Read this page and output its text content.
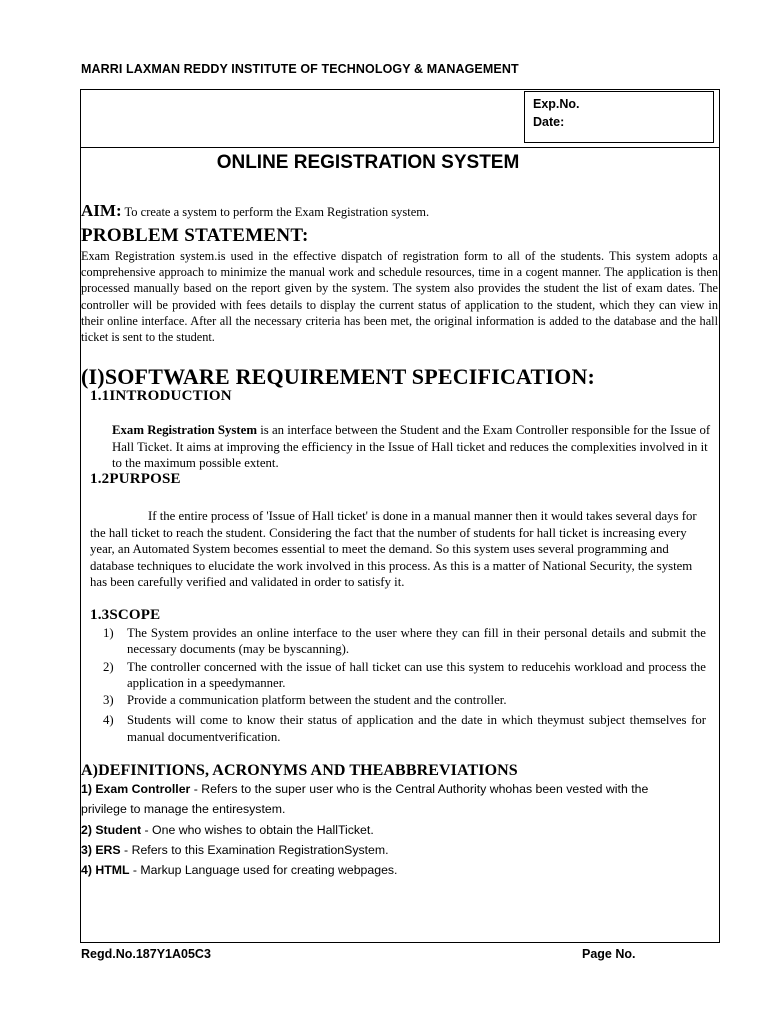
MARRI LAXMAN REDDY INSTITUTE OF TECHNOLOGY & MANAGEMENT
Exp.No.
Date:
ONLINE REGISTRATION SYSTEM
AIM: To create a system to perform the Exam Registration system.
PROBLEM STATEMENT:
Exam Registration system.is used in the effective dispatch of registration form to all of the students. This system adopts a comprehensive approach to minimize the manual work and schedule resources, time in a cogent manner. The application is then processed manually based on the report given by the system. The system also provides the student the list of exam dates. The controller will be provided with fees details to display the current status of application to the student, which they can view in their online interface. After all the necessary criteria has been met, the original information is added to the database and the hall ticket is sent to the student.
(I)SOFTWARE REQUIREMENT SPECIFICATION:
1.1INTRODUCTION
Exam Registration System is an interface between the Student and the Exam Controller responsible for the Issue of Hall Ticket. It aims at improving the efficiency in the Issue of Hall ticket and reduces the complexities involved in it to the maximum possible extent.
1.2PURPOSE
If the entire process of 'Issue of Hall ticket' is done in a manual manner then it would takes several days for the hall ticket to reach the student. Considering the fact that the number of students for hall ticket is increasing every year, an Automated System becomes essential to meet the demand. So this system uses several programming and database techniques to elucidate the work involved in this process. As this is a matter of National Security, the system has been carefully verified and validated in order to satisfy it.
1.3SCOPE
1) The System provides an online interface to the user where they can fill in their personal details and submit the necessary documents (may be byscanning).
2) The controller concerned with the issue of hall ticket can use this system to reducehis workload and process the application in a speedymanner.
3) Provide a communication platform between the student and the controller.
4) Students will come to know their status of application and the date in which theymust subject themselves for manual documentverification.
A)DEFINITIONS, ACRONYMS AND THEABBREVIATIONS
1) Exam Controller - Refers to the super user who is the Central Authority whohas been vested with the privilege to manage the entiresystem.
2) Student - One who wishes to obtain the HallTicket.
3) ERS - Refers to this Examination RegistrationSystem.
4) HTML - Markup Language used for creating webpages.
Regd.No.187Y1A05C3	Page No.
